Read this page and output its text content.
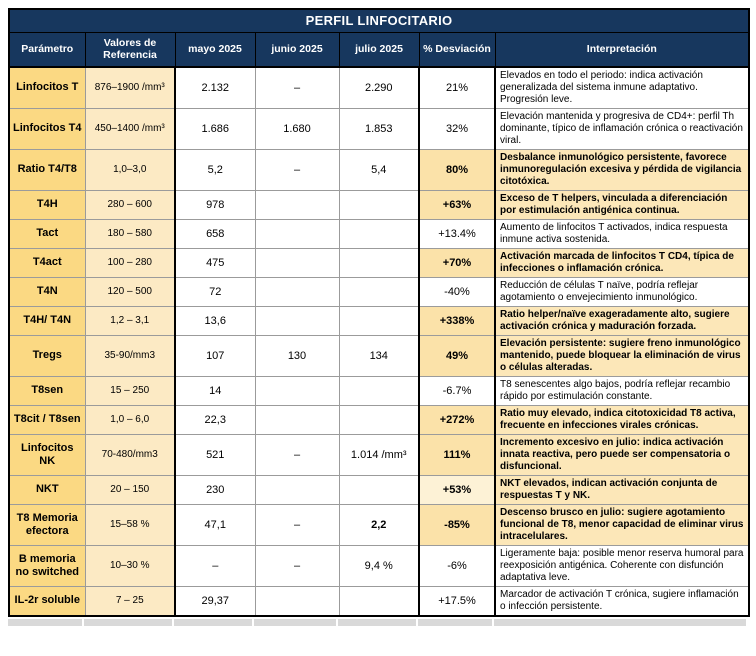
PERFIL LINFOCITARIO						
Parámetro	Valores de Referencia	mayo 2025	junio 2025	julio 2025	% Desviación	Interpretación
Linfocitos T	876–1900 /mm³	2.132	–	2.290	21%	Elevados en todo el periodo: indica activación generalizada del sistema inmune adaptativo. Progresión leve.
Linfocitos T4	450–1400 /mm³	1.686	1.680	1.853	32%	Elevación mantenida y progresiva de CD4+: perfil Th dominante, típico de inflamación crónica o reactivación viral.
Ratio T4/T8	1,0–3,0	5,2	–	5,4	80%	Desbalance inmunológico persistente, favorece inmunoregulación excesiva y pérdida de vigilancia citotóxica.
T4H	280 – 600	978			+63%	Exceso de T helpers, vinculada a diferenciación por estimulación antigénica continua.
Tact	180 – 580	658			+13.4%	Aumento de linfocitos T activados, indica respuesta inmune activa sostenida.
T4act	100 – 280	475			+70%	Activación marcada de linfocitos T CD4, típica de infecciones o inflamación crónica.
T4N	120 – 500	72			-40%	Reducción de células T naïve, podría reflejar agotamiento o envejecimiento inmunológico.
T4H/ T4N	1,2 – 3,1	13,6			+338%	Ratio helper/naïve exageradamente alto, sugiere activación crónica y maduración forzada.
Tregs	35-90/mm3	107	130	134	49%	Elevación persistente: sugiere freno inmunológico mantenido, puede bloquear la eliminación de virus o células alteradas.
T8sen	15 – 250	14			-6.7%	T8 senescentes algo bajos, podría reflejar recambio rápido por estimulación constante.
T8cit / T8sen	1,0 – 6,0	22,3			+272%	Ratio muy elevado, indica citotoxicidad T8 activa, frecuente en infecciones virales crónicas.
Linfocitos NK	70-480/mm3	521	–	1.014 /mm³	111%	Incremento excesivo en julio: indica activación innata reactiva, pero puede ser compensatoria o disfuncional.
NKT	20 – 150	230			+53%	NKT elevados, indican activación conjunta de respuestas T y NK.
T8 Memoria efectora	15–58 %	47,1	–	2,2	-85%	Descenso brusco en julio: sugiere agotamiento funcional de T8, menor capacidad de eliminar virus intracelulares.
B memoria no switched	10–30 %	–	–	9,4 %	-6%	Ligeramente baja: posible menor reserva humoral para reexposición antigénica. Coherente con disfunción adaptativa leve.
IL-2r soluble	7 – 25	29,37			+17.5%	Marcador de activación T crónica, sugiere inflamación o infección persistente.
